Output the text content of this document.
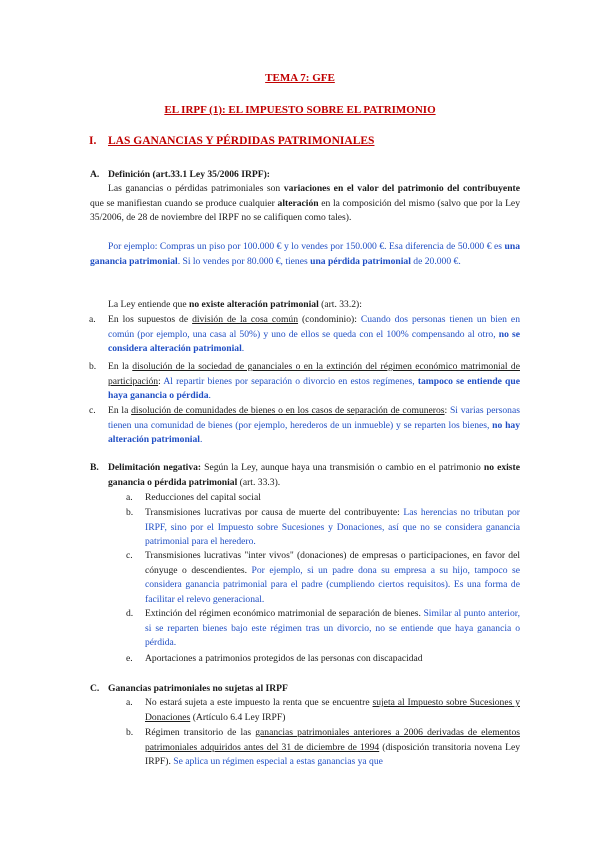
TEMA 7: GFE
EL IRPF (1): EL IMPUESTO SOBRE EL PATRIMONIO
I. LAS GANANCIAS Y PÉRDIDAS PATRIMONIALES
A. Definición (art.33.1 Ley 35/2006 IRPF):
Las ganancias o pérdidas patrimoniales son variaciones en el valor del patrimonio del contribuyente que se manifiestan cuando se produce cualquier alteración en la composición del mismo (salvo que por la Ley 35/2006, de 28 de noviembre del IRPF no se califiquen como tales).
Por ejemplo: Compras un piso por 100.000 € y lo vendes por 150.000 €. Esa diferencia de 50.000 € es una ganancia patrimonial. Si lo vendes por 80.000 €, tienes una pérdida patrimonial de 20.000 €.
La Ley entiende que no existe alteración patrimonial (art. 33.2):
a. En los supuestos de división de la cosa común (condominio): Cuando dos personas tienen un bien en común (por ejemplo, una casa al 50%) y uno de ellos se queda con el 100% compensando al otro, no se considera alteración patrimonial.
b. En la disolución de la sociedad de gananciales o en la extinción del régimen económico matrimonial de participación: Al repartir bienes por separación o divorcio en estos regímenes, tampoco se entiende que haya ganancia o pérdida.
c. En la disolución de comunidades de bienes o en los casos de separación de comuneros: Si varias personas tienen una comunidad de bienes (por ejemplo, herederos de un inmueble) y se reparten los bienes, no hay alteración patrimonial.
B. Delimitación negativa: Según la Ley, aunque haya una transmisión o cambio en el patrimonio no existe ganancia o pérdida patrimonial (art. 33.3).
a. Reducciones del capital social
b. Transmisiones lucrativas por causa de muerte del contribuyente: Las herencias no tributan por IRPF, sino por el Impuesto sobre Sucesiones y Donaciones, así que no se considera ganancia patrimonial para el heredero.
c. Transmisiones lucrativas "inter vivos" (donaciones) de empresas o participaciones, en favor del cónyuge o descendientes. Por ejemplo, si un padre dona su empresa a su hijo, tampoco se considera ganancia patrimonial para el padre (cumpliendo ciertos requisitos). Es una forma de facilitar el relevo generacional.
d. Extinción del régimen económico matrimonial de separación de bienes. Similar al punto anterior, si se reparten bienes bajo este régimen tras un divorcio, no se entiende que haya ganancia o pérdida.
e. Aportaciones a patrimonios protegidos de las personas con discapacidad
C. Ganancias patrimoniales no sujetas al IRPF
a. No estará sujeta a este impuesto la renta que se encuentre sujeta al Impuesto sobre Sucesiones y Donaciones (Artículo 6.4 Ley IRPF)
b. Régimen transitorio de las ganancias patrimoniales anteriores a 2006 derivadas de elementos patrimoniales adquiridos antes del 31 de diciembre de 1994 (disposición transitoria novena Ley IRPF). Se aplica un régimen especial a estas ganancias ya que
